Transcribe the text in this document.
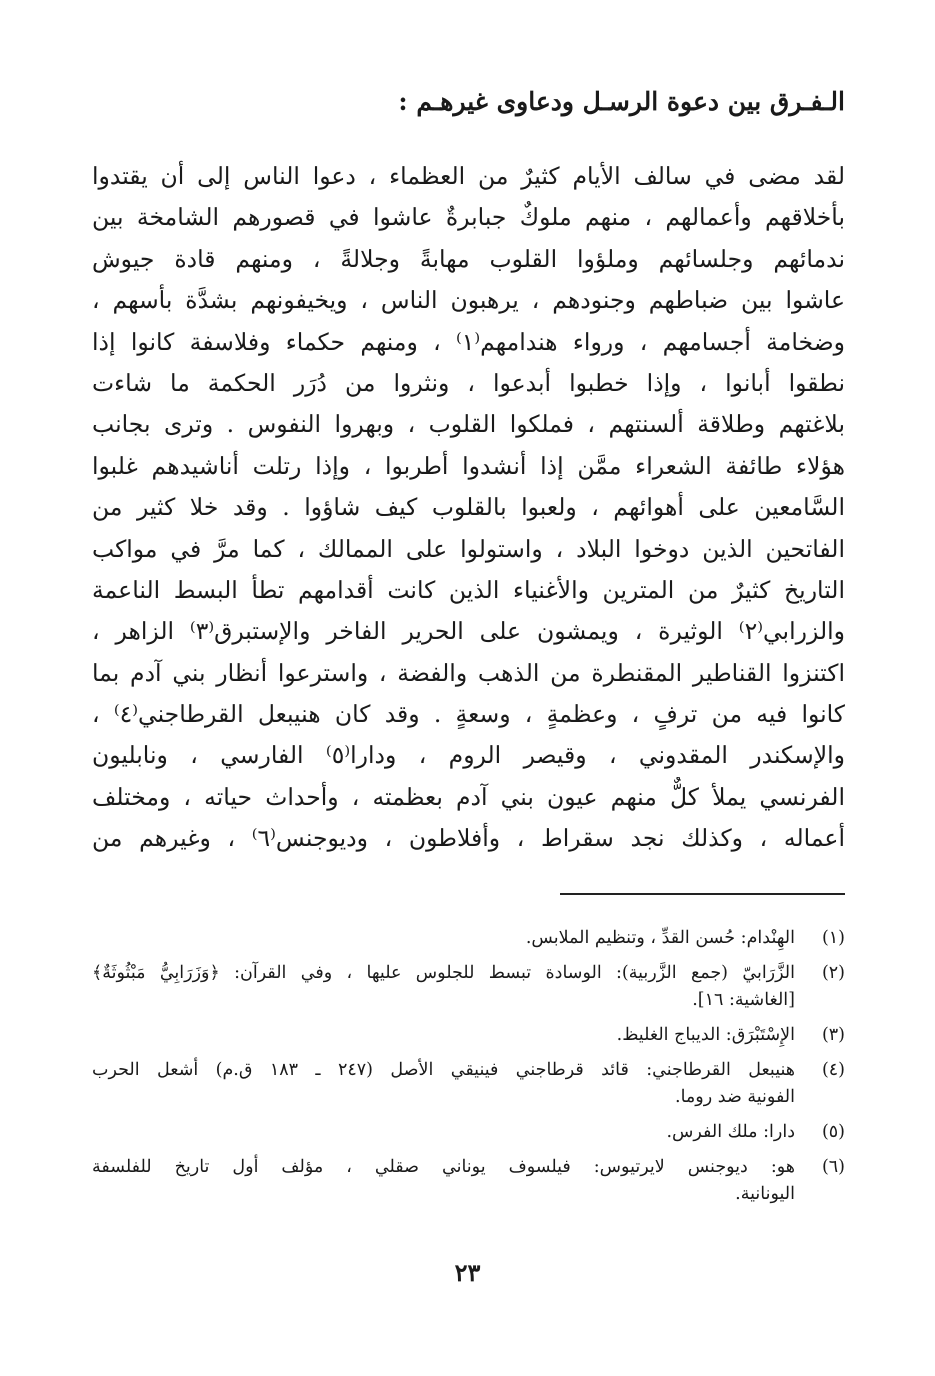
الـفـرق بين دعوة الرسـل ودعاوى غيرهـم :
لقد مضى في سالف الأيام كثيرٌ من العظماء ، دعوا الناس إلى أن يقتدوا
بأخلاقهم وأعمالهم ، منهم ملوكٌ جبابرةٌ عاشوا في قصورهم الشامخة بين
ندمائهم وجلسائهم وملؤوا القلوب مهابةً وجلالةً ، ومنهم قادة جيوش
عاشوا بين ضباطهم وجنودهم ، يرهبون الناس ، ويخيفونهم بشدَّة بأسهم ،
وضخامة أجسامهم ، ورواء هندامهم⁽١⁾ ، ومنهم حكماء وفلاسفة كانوا إذا
نطقوا أبانوا ، وإذا خطبوا أبدعوا ، ونثروا من دُرَر الحكمة ما شاءت
بلاغتهم وطلاقة ألسنتهم ، فملكوا القلوب ، وبهروا النفوس . وترى بجانب
هؤلاء طائفة الشعراء ممَّن إذا أنشدوا أطربوا ، وإذا رتلت أناشيدهم غلبوا
السَّامعين على أهوائهم ، ولعبوا بالقلوب كيف شاؤوا . وقد خلا كثير من
الفاتحين الذين دوخوا البلاد ، واستولوا على الممالك ، كما مرَّ في مواكب
التاريخ كثيرٌ من المترين والأغنياء الذين كانت أقدامهم تطأ البسط الناعمة
والزرابي⁽٢⁾ الوثيرة ، ويمشون على الحرير الفاخر والإستبرق⁽٣⁾ الزاهر ،
اكتنزوا القناطير المقنطرة من الذهب والفضة ، واسترعوا أنظار بني آدم بما
كانوا فيه من ترفٍ ، وعظمةٍ ، وسعةٍ . وقد كان هنيبعل القرطاجني⁽٤⁾ ،
والإسكندر المقدوني ، وقيصر الروم ، ودارا⁽٥⁾ الفارسي ، ونابليون
الفرنسي يملأ كلٌّ منهم عيون بني آدم بعظمته ، وأحداث حياته ، ومختلف
أعماله ، وكذلك نجد سقراط ، وأفلاطون ، وديوجنس⁽٦⁾ ، وغيرهم من
(١)
الهِنْدام: حُسن القدِّ ، وتنظيم الملابس.
(٢)
الزَّرَابيّ (جمع الزَّربية): الوسادة تبسط للجلوس عليها ، وفي القرآن: ﴿وَزَرَابِيُّ مَبْثُوثَةٌ﴾
[الغاشية: ١٦].
(٣)
الإِسْتَبْرَق: الديباج الغليظ.
(٤)
هنيبعل القرطاجني: قائد قرطاجني فينيقي الأصل (٢٤٧ ـ ١٨٣ ق.م) أشعل الحرب
الفونية ضد روما.
(٥)
دارا: ملك الفرس.
(٦)
هو: ديوجنس لايرتيوس: فيلسوف يوناني صقلي ، مؤلف أول تاريخ للفلسفة
اليونانية.
٢٣
